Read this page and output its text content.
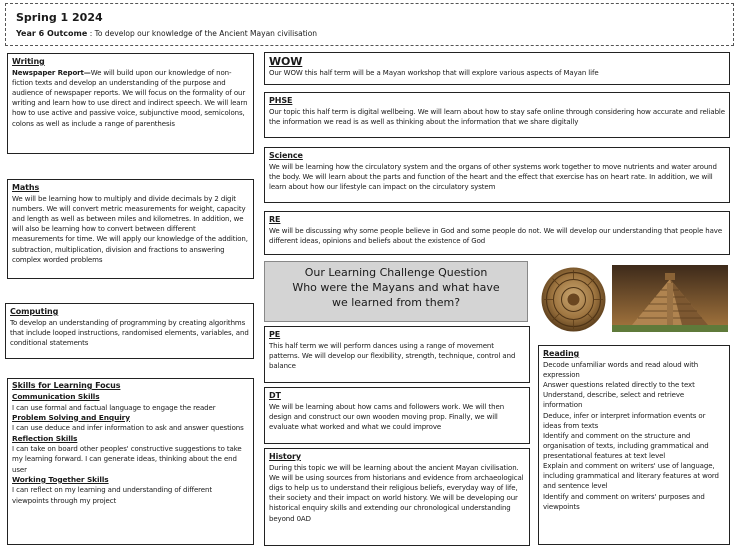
Spring 1 2024
Year 6 Outcome : To develop our knowledge of the Ancient Mayan civilisation
Writing

Newspaper Report—We will build upon our knowledge of non-fiction texts and develop an understanding of the purpose and audience of newspaper reports. We will focus on the formality of our writing and learn how to use direct and indirect speech. We will learn how to use active and passive voice, subjunctive mood, semicolons, colons as well as include a range of parenthesis

Maths

We will be learning how to multiply and divide decimals by 2 digit numbers. We will convert metric measurements for weight, capacity and length as well as between miles and kilometres. In addition, we will also be learning how to convert between different measurements for time. We will apply our knowledge of the addition, subtraction, multiplication, division and fractions to answering complex worded problems

Computing

To develop an understanding of programming by creating algorithms that include looped instructions, randomised elements, variables, and conditional statements

Skills for Learning Focus
Communication Skills

I can use formal and factual language to engage the reader

Problem Solving and Enquiry

I can use deduce and infer information to ask and answer questions

Reflection Skills

I can take on board other peoples' constructive suggestions to take my learning forward. I can generate ideas, thinking about the end user

Working Together Skills

I can reflect on my learning and understanding of different viewpoints through my project

WOW

Our WOW this half term will be a Mayan workshop that will explore various aspects of Mayan life

PHSE

Our topic this half term is digital wellbeing. We will learn about how to stay safe online through considering how accurate and reliable the information we read is as well as thinking about the information that we share digitally

Science

We will be learning how the circulatory system and the organs of other systems work together to move nutrients and water around the body. We will learn about the parts and function of the heart and the effect that exercise has on heart rate. In addition, we will learn about how our lifestyle can impact on the circulatory system

RE

We will be discussing why some people believe in God and some people do not. We will develop our understanding that people have different ideas, opinions and beliefs about the existence of God

Our Learning Challenge Question
Who were the Mayans and what have we learned from them?
PE

This half term we will perform dances using a range of movement patterns. We will develop our flexibility, strength, technique, control and balance

DT

We will be learning about how cams and followers work. We will then design and construct our own wooden moving prop. Finally, we will evaluate what worked and what we could improve

History

During this topic we will be learning about the ancient Mayan civilisation. We will be using sources from historians and evidence from archaeological digs to help us to understand their religious beliefs, everyday way of life, their society and their impact on world history. We will be developing our historical enquiry skills and extending our chronological understanding beyond 0AD

Reading

Decode unfamiliar words and read aloud with expression

Answer questions related directly to the text

Understand, describe, select and retrieve information

Deduce, infer or interpret information events or ideas from texts

Identify and comment on the structure and organisation of texts, including grammatical and presentational features at text level

Explain and comment on writers' use of language, including grammatical and literary features at word and sentence level

Identify and comment on writers' purposes and viewpoints
